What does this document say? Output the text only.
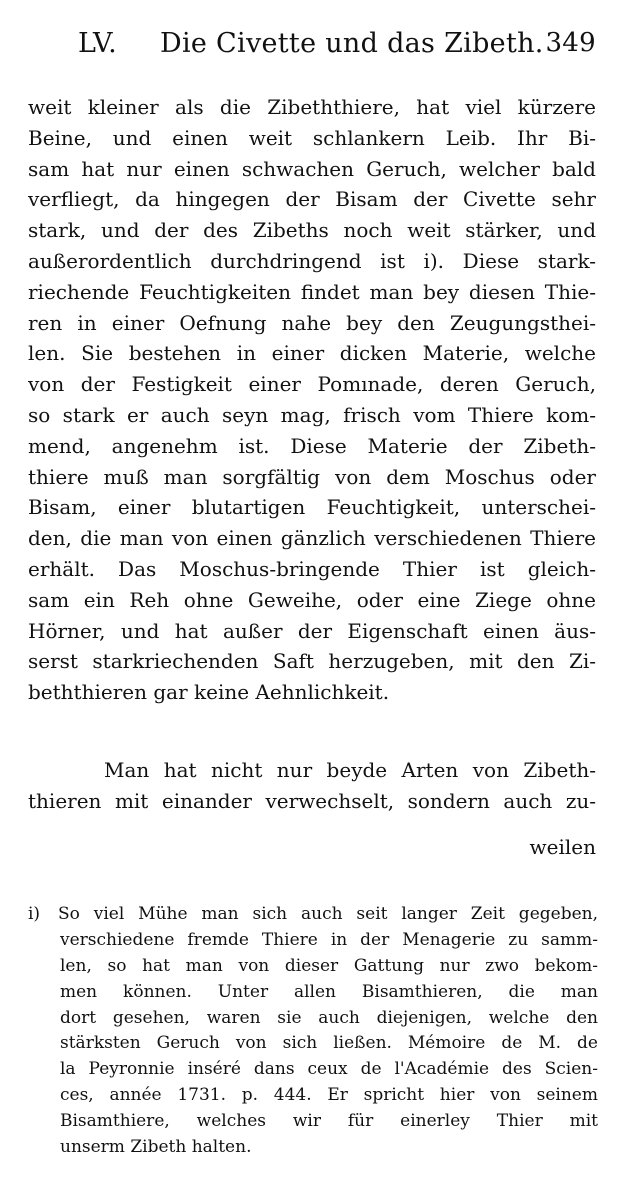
LV. Die Civette und das Zibeth. 349
weit kleiner als die Zibeththiere, hat viel kürzere
Beine, und einen weit schlankern Leib. Ihr Bi-
sam hat nur einen schwachen Geruch, welcher bald
verfliegt, da hingegen der Bisam der Civette sehr
stark, und der des Zibeths noch weit stärker, und
außerordentlich durchdringend ist i). Diese stark-
riechende Feuchtigkeiten findet man bey diesen Thie-
ren in einer Oefnung nahe bey den Zeugungsthei-
len. Sie bestehen in einer dicken Materie, welche
von der Festigkeit einer Pomınade, deren Geruch,
so stark er auch seyn mag, frisch vom Thiere kom-
mend, angenehm ist. Diese Materie der Zibeth-
thiere muß man sorgfältig von dem Moschus oder
Bisam, einer blutartigen Feuchtigkeit, unterschei-
den, die man von einen gänzlich verschiedenen Thiere
erhält. Das Moschus-bringende Thier ist gleich-
sam ein Reh ohne Geweihe, oder eine Ziege ohne
Hörner, und hat außer der Eigenschaft einen äus-
serst starkriechenden Saft herzugeben, mit den Zi-
beththieren gar keine Aehnlichkeit.
Man hat nicht nur beyde Arten von Zibeth-
thieren mit einander verwechselt, sondern auch zu-
weilen
i) So viel Mühe man sich auch seit langer Zeit gegeben,
verschiedene fremde Thiere in der Menagerie zu samm-
len, so hat man von dieser Gattung nur zwo bekom-
men können. Unter allen Bisamthieren, die man
dort gesehen, waren sie auch diejenigen, welche den
stärksten Geruch von sich ließen. Mémoire de M. de
la Peyronnie inséré dans ceux de l'Académie des Scien-
ces, année 1731. p. 444. Er spricht hier von seinem
Bisamthiere, welches wir für einerley Thier mit
unserm Zibeth halten.
